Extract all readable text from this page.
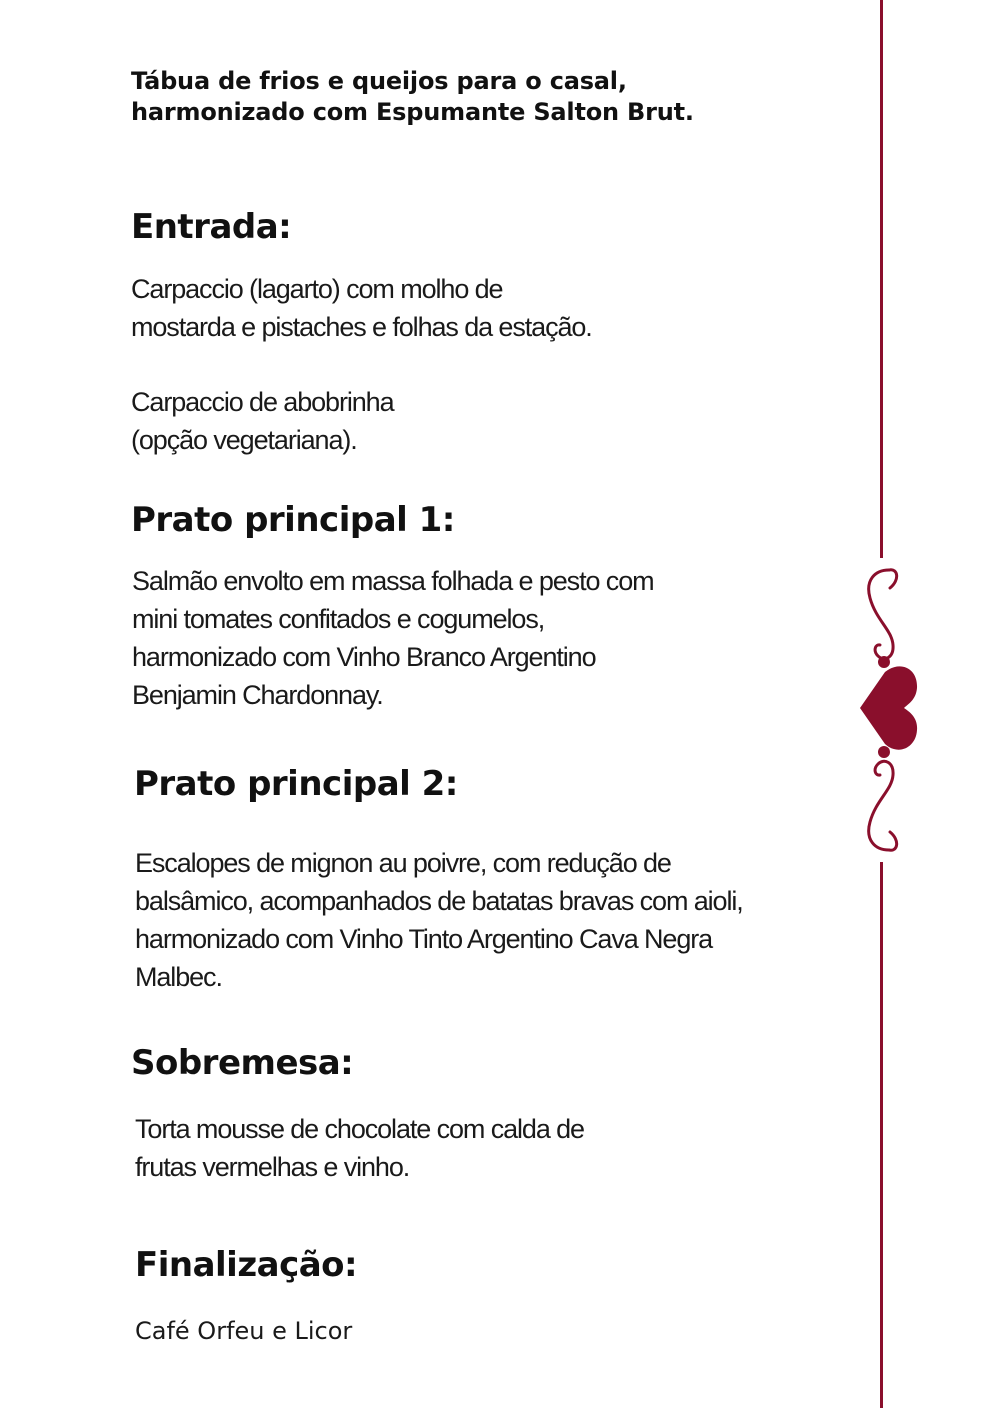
Tábua de frios e queijos para o casal,
harmonizado com Espumante Salton Brut.
Entrada:
Carpaccio (lagarto) com molho de
mostarda e pistaches e folhas da estação.
Carpaccio de abobrinha
(opção vegetariana).
Prato principal 1:
Salmão envolto em massa folhada e pesto com
mini tomates confitados e cogumelos,
harmonizado com Vinho Branco Argentino
Benjamin Chardonnay.
Prato principal 2:
Escalopes de mignon au poivre, com redução de
balsâmico, acompanhados de batatas bravas com aioli,
harmonizado com Vinho Tinto Argentino Cava Negra
Malbec.
Sobremesa:
Torta mousse de chocolate com calda de
frutas vermelhas e vinho.
Finalização:
Café Orfeu e Licor
